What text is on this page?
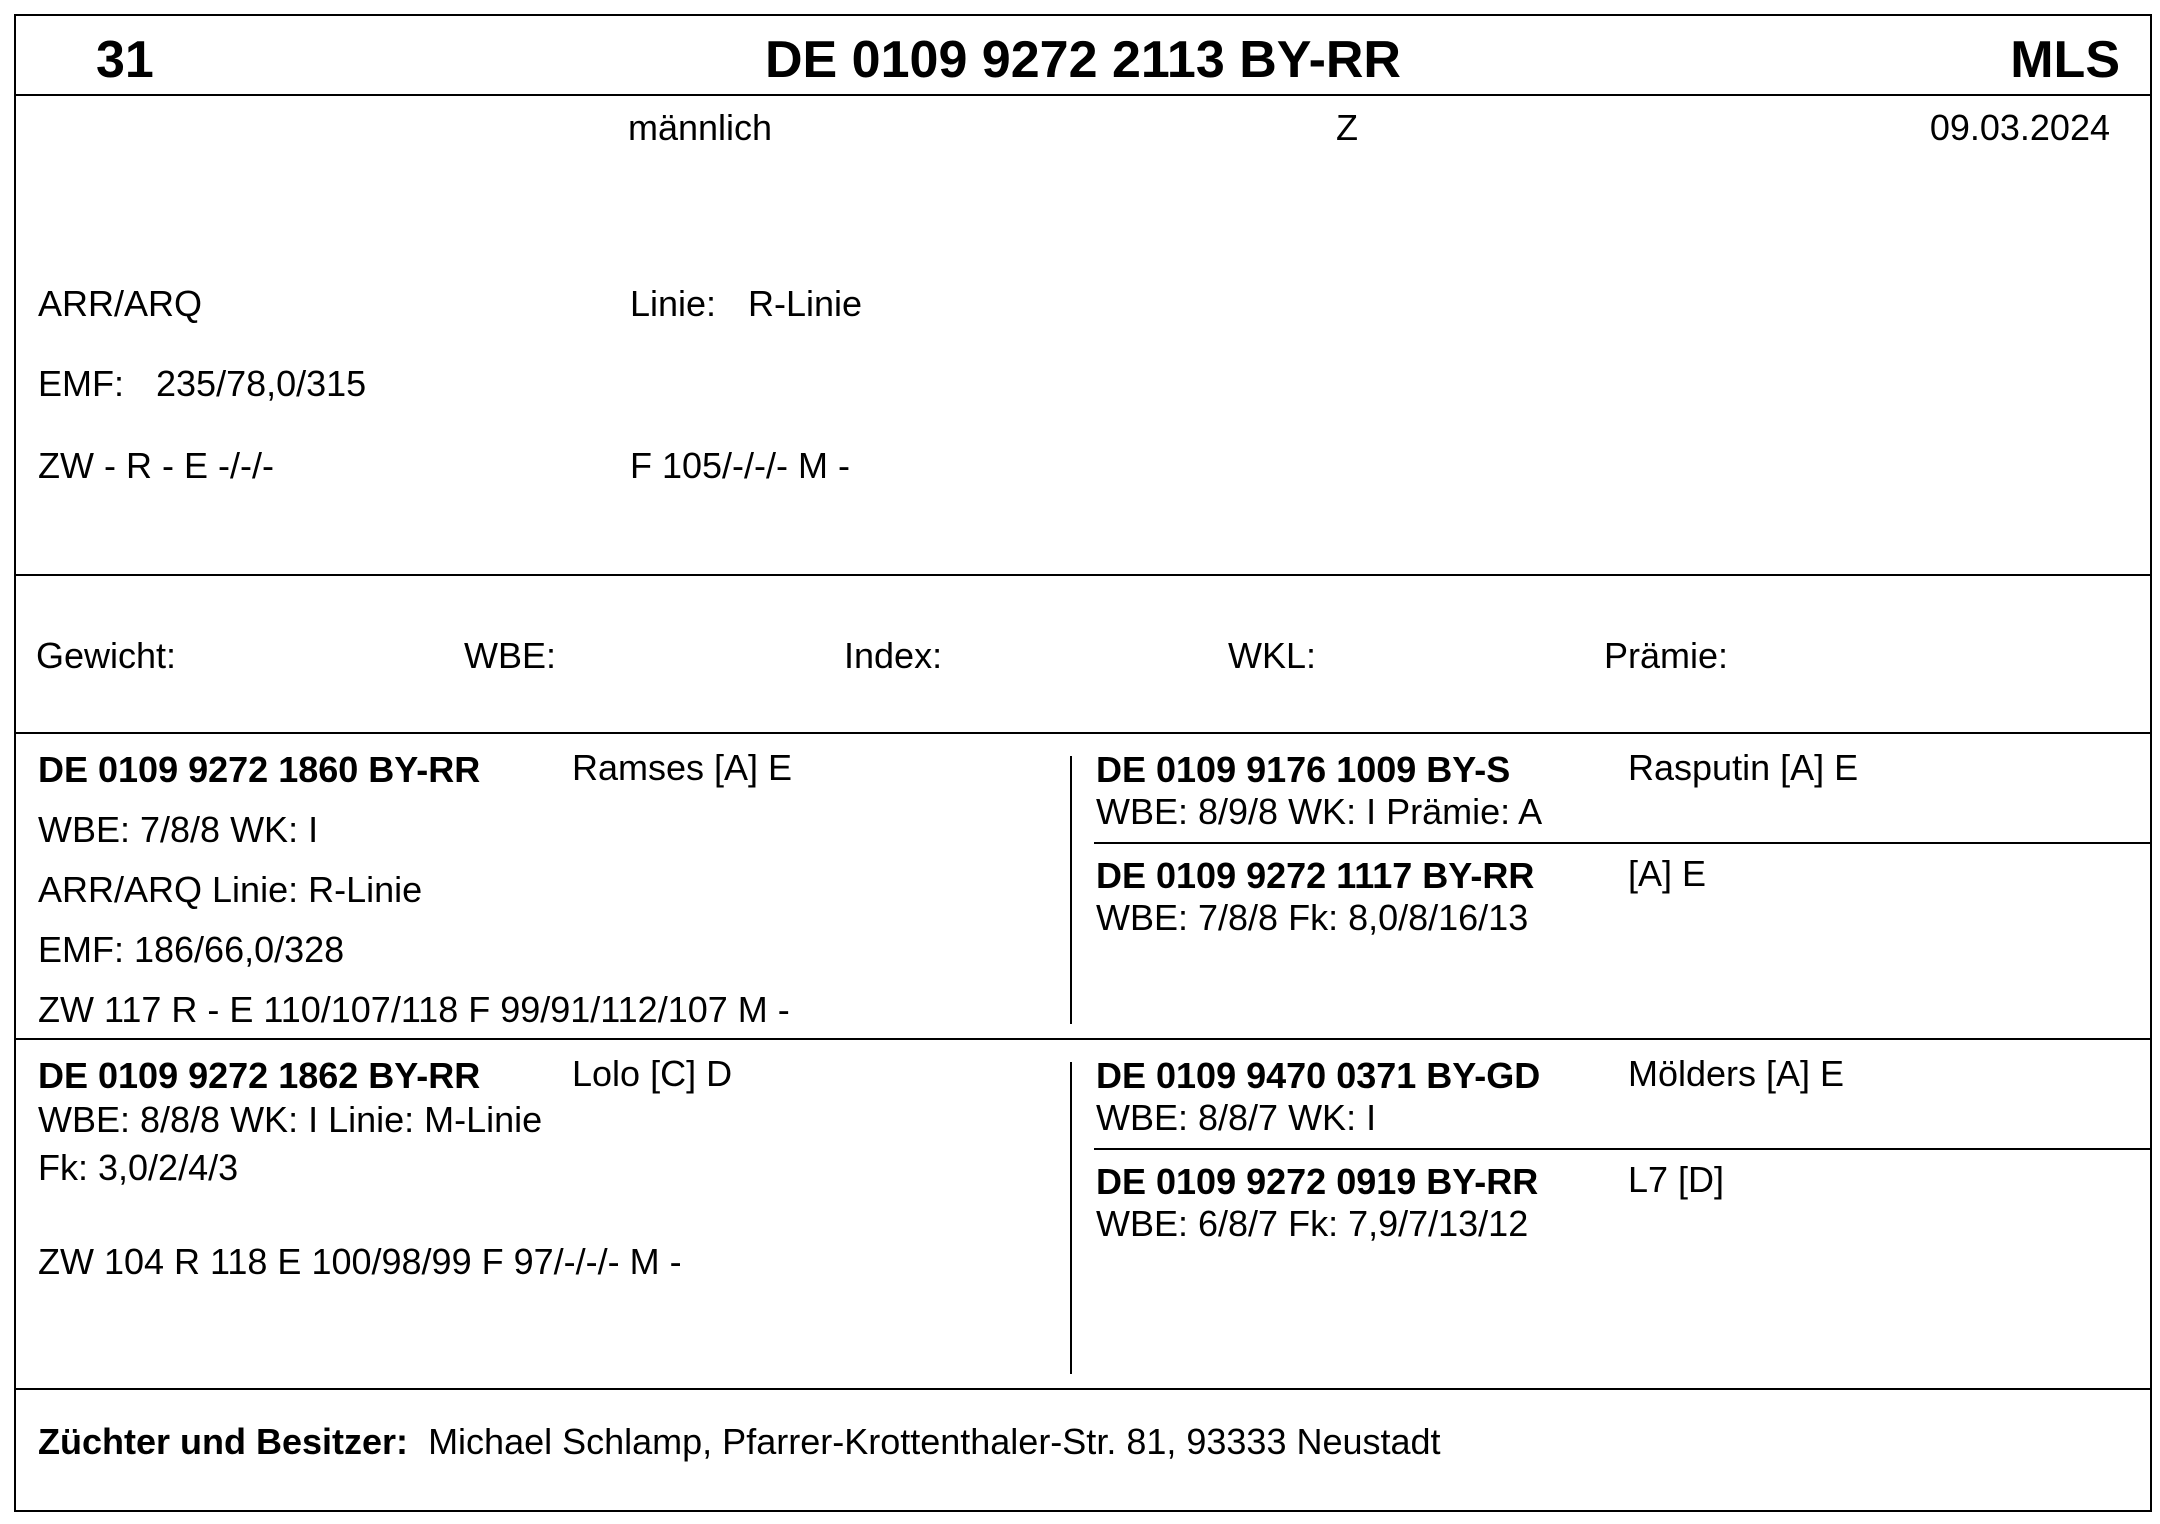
31	DE 0109 9272 2113 BY-RR	MLS
männlich	Z	09.03.2024
ARR/ARQ	Linie: R-Linie
EMF: 235/78,0/315
ZW - R - E -/-/-	F 105/-/-/- M -
Gewicht:	WBE:	Index:	WKL:	Prämie:
DE 0109 9272 1860 BY-RR	Ramses [A] E
WBE: 7/8/8 WK: I
ARR/ARQ Linie: R-Linie
EMF: 186/66,0/328
ZW 117 R - E 110/107/118 F 99/91/112/107 M -
DE 0109 9176 1009 BY-S	Rasputin [A] E
WBE: 8/9/8 WK: I Prämie: A
DE 0109 9272 1117 BY-RR	[A] E
WBE: 7/8/8 Fk: 8,0/8/16/13
DE 0109 9272 1862 BY-RR	Lolo [C] D
WBE: 8/8/8 WK: I Linie: M-Linie
Fk: 3,0/2/4/3
ZW 104 R 118 E 100/98/99 F 97/-/-/- M -
DE 0109 9470 0371 BY-GD Mölders [A] E
WBE: 8/8/7 WK: I
DE 0109 9272 0919 BY-RR L7 [D]
WBE: 6/8/7 Fk: 7,9/7/13/12
Züchter und Besitzer: Michael Schlamp, Pfarrer-Krottenthaler-Str. 81, 93333 Neustadt
